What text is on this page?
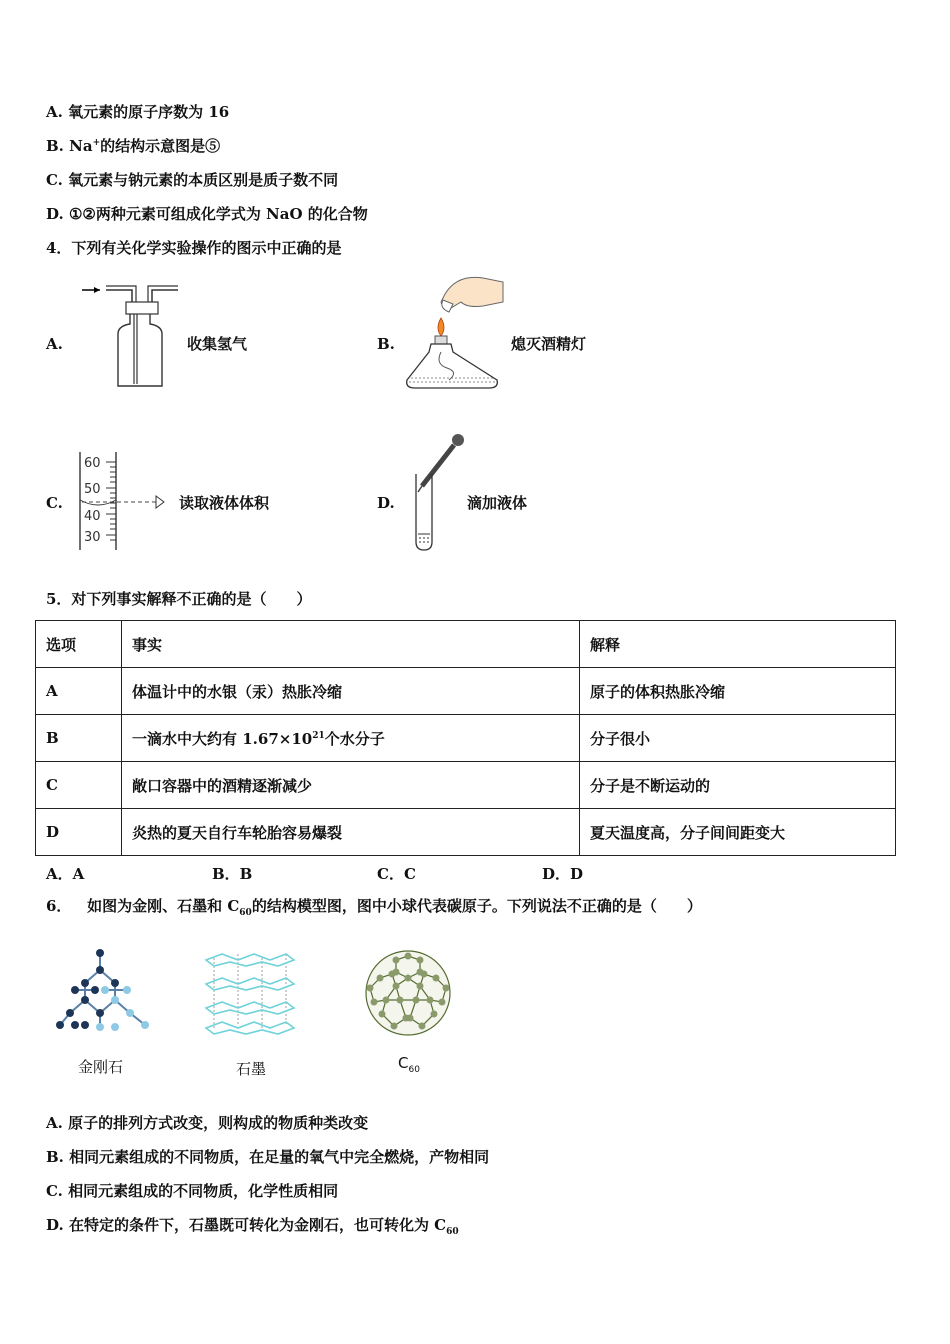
A. 氧元素的原子序数为 16
B. Na+的结构示意图是⑤
C. 氧元素与钠元素的本质区别是质子数不同
D. ①②两种元素可组成化学式为 NaO 的化合物
4．下列有关化学实验操作的图示中正确的是
A.	收集氢气	B.	熄灭酒精灯
C.
60
50
40
30
读取液体体积	D.	滴加液体
5．对下列事实解释不正确的是（　　）
选项	事实	解释
A	体温计中的水银（汞）热胀冷缩	原子的体积热胀冷缩
B	一滴水中大约有 $1.67\times 10^{21}$个水分子	分子很小
C	敞口容器中的酒精逐渐减少	分子是不断运动的
D	炎热的夏天自行车轮胎容易爆裂	夏天温度高，分子间间距变大
A．A	B．B	C．C	D．D
6． 如图为金刚、石墨和 $C_{60}$的结构模型图，图中小球代表碳原子。下列说法不正确的是（　　）
金刚石	石墨	$C_{60}$
A. 原子的排列方式改变，则构成的物质种类改变
B. 相同元素组成的不同物质，在足量的氧气中完全燃烧，产物相同
C. 相同元素组成的不同物质，化学性质相同
D. 在特定的条件下，石墨既可转化为金刚石，也可转化为 $C_{60}$
